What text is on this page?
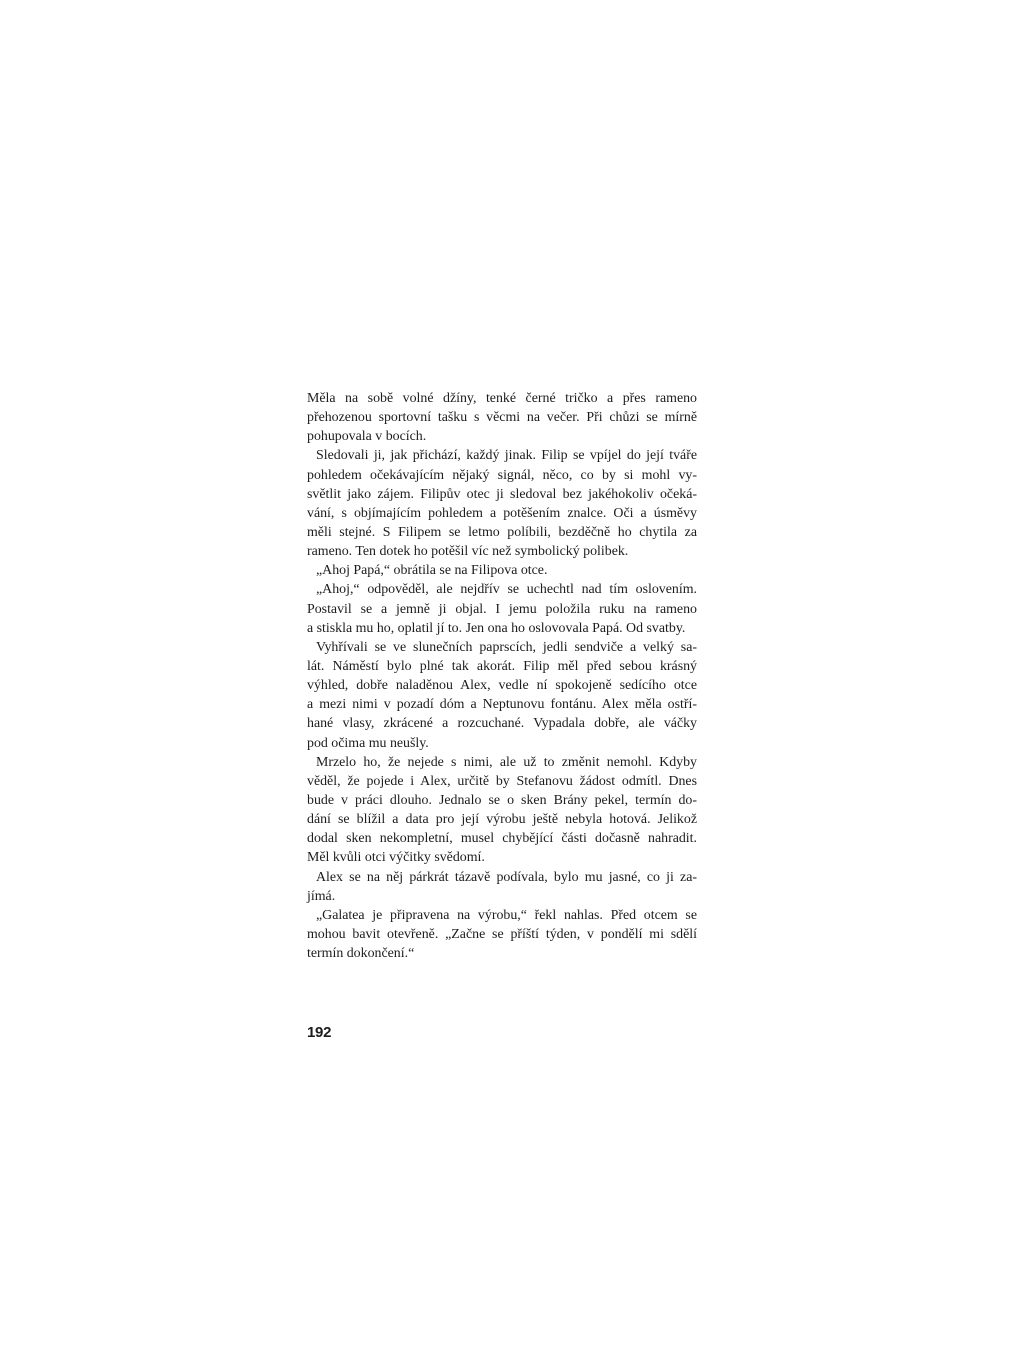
Měla na sobě volné džíny, tenké černé tričko a přes rameno
přehozenou sportovní tašku s věcmi na večer. Při chůzi se mírně
pohupovala v bocích.
Sledovali ji, jak přichází, každý jinak. Filip se vpíjel do její tváře
pohledem očekávajícím nějaký signál, něco, co by si mohl vy-
světlit jako zájem. Filipův otec ji sledoval bez jakéhokoliv očeká-
vání, s objímajícím pohledem a potěšením znalce. Oči a úsměvy
měli stejné. S Filipem se letmo políbili, bezděčně ho chytila za
rameno. Ten dotek ho potěšil víc než symbolický polibek.
„Ahoj Papá,“ obrátila se na Filipova otce.
„Ahoj,“ odpověděl, ale nejdřív se uchechtl nad tím oslovením.
Postavil se a jemně ji objal. I jemu položila ruku na rameno
a stiskla mu ho, oplatil jí to. Jen ona ho oslovovala Papá. Od svatby.
Vyhřívali se ve slunečních paprscích, jedli sendviče a velký sa-
lát. Náměstí bylo plné tak akorát. Filip měl před sebou krásný
výhled, dobře naladěnou Alex, vedle ní spokojeně sedícího otce
a mezi nimi v pozadí dóm a Neptunovu fontánu. Alex měla ostří-
hané vlasy, zkrácené a rozcuchané. Vypadala dobře, ale váčky
pod očima mu neušly.
Mrzelo ho, že nejede s nimi, ale už to změnit nemohl. Kdyby
věděl, že pojede i Alex, určitě by Stefanovu žádost odmítl. Dnes
bude v práci dlouho. Jednalo se o sken Brány pekel, termín do-
dání se blížil a data pro její výrobu ještě nebyla hotová. Jelikož
dodal sken nekompletní, musel chybějící části dočasně nahradit.
Měl kvůli otci výčitky svědomí.
Alex se na něj párkrát tázavě podívala, bylo mu jasné, co ji za-
jímá.
„Galatea je připravena na výrobu,“ řekl nahlas. Před otcem se
mohou bavit otevřeně. „Začne se příští týden, v pondělí mi sdělí
termín dokončení.“
192
